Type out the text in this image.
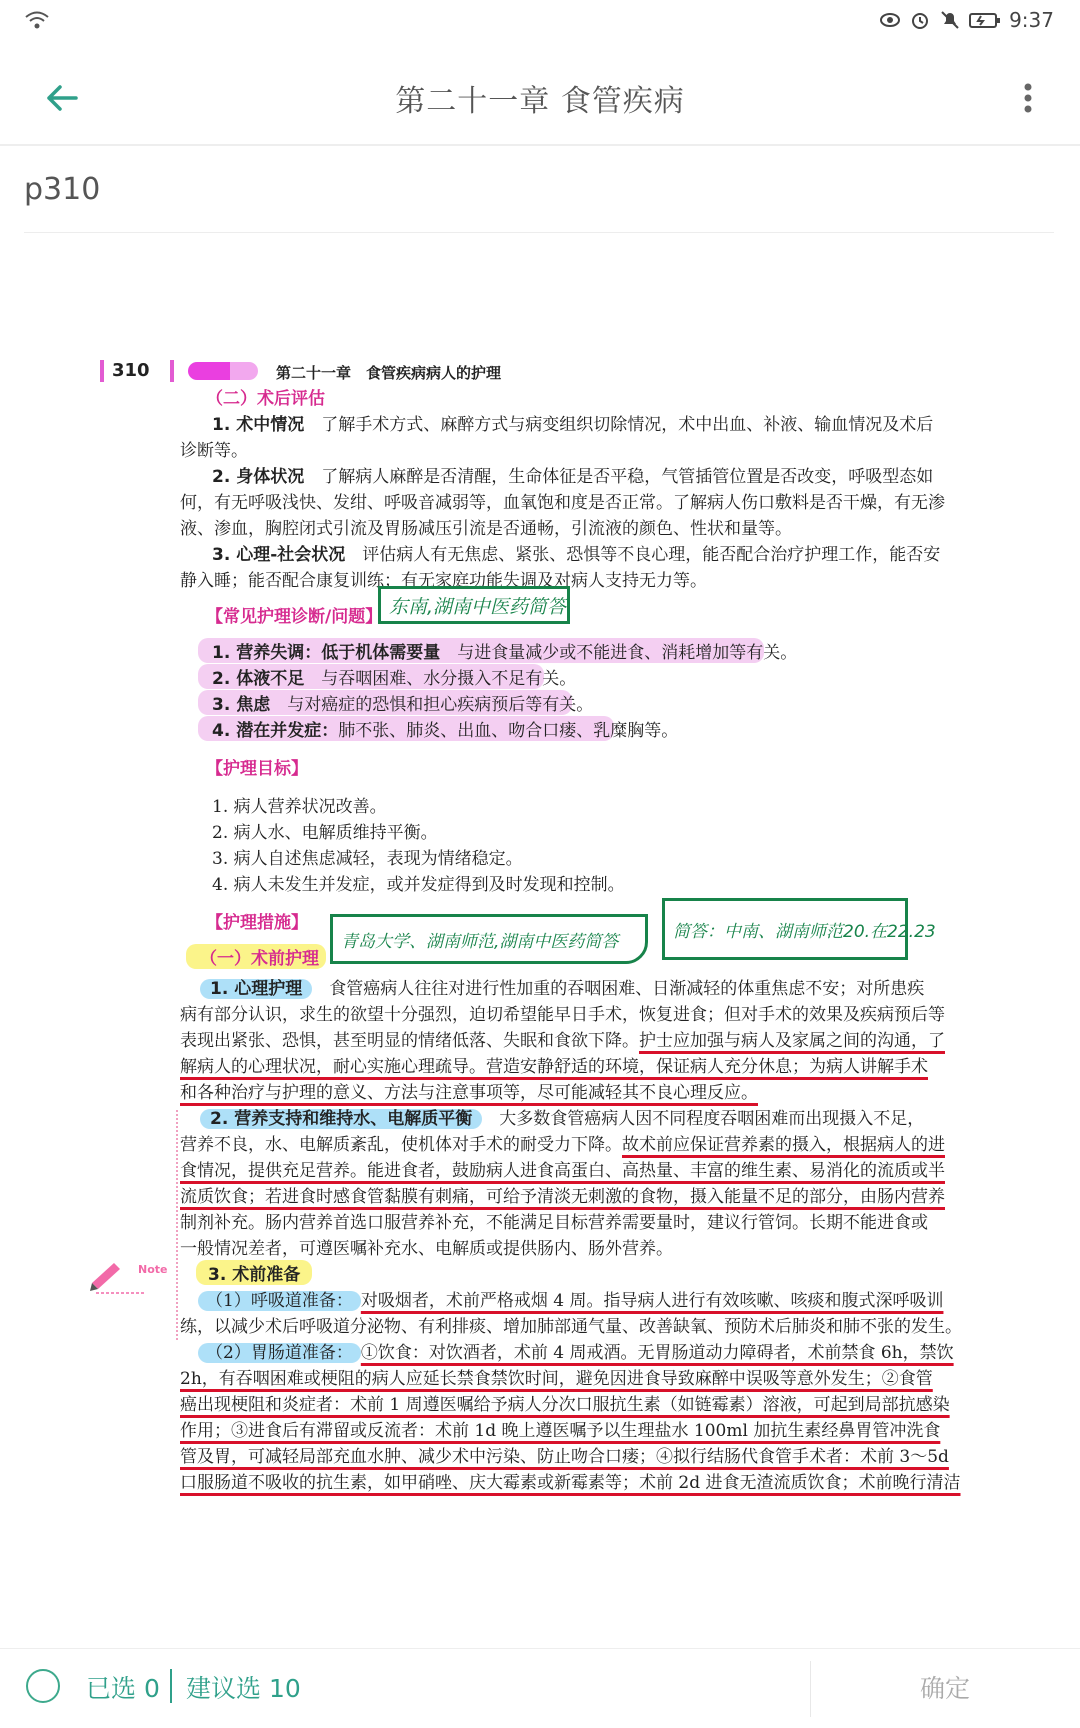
9:37
第二十一章 食管疾病
p310
310	第二十一章　食管疾病病人的护理
（二）术后评估
1. 术中情况　 了解手术方式、麻醉方式与病变组织切除情况，术中出血、补液、输血情况及术后
诊断等。
2. 身体状况　 了解病人麻醉是否清醒，生命体征是否平稳，气管插管位置是否改变，呼吸型态如
何，有无呼吸浅快、发绀、呼吸音减弱等，血氧饱和度是否正常。了解病人伤口敷料是否干燥，有无渗
液、渗血，胸腔闭式引流及胃肠减压引流是否通畅，引流液的颜色、性状和量等。
3. 心理-社会状况　 评估病人有无焦虑、紧张、恐惧等不良心理，能否配合治疗护理工作，能否安
静入睡；能否配合康复训练；有无家庭功能失调及对病人支持无力等。
【常见护理诊断/问题】 东南,湖南中医药简答
1. 营养失调：低于机体需要量　 与进食量减少或不能进食、消耗增加等有关。
2. 体液不足　 与吞咽困难、水分摄入不足有关。
3. 焦虑　 与对癌症的恐惧和担心疾病预后等有关。
4. 潜在并发症：肺不张、肺炎、出血、吻合口瘘、乳糜胸等。
【护理目标】
1. 病人营养状况改善。
2. 病人水、电解质维持平衡。
3. 病人自述焦虑减轻，表现为情绪稳定。
4. 病人未发生并发症，或并发症得到及时发现和控制。
【护理措施】	简答：中南、湖南师范20.在22.23
（一）术前护理
青岛大学、湖南师范,湖南中医药简答
1. 心理护理　 食管癌病人往往对进行性加重的吞咽困难、日渐减轻的体重焦虑不安；对所患疾
病有部分认识，求生的欲望十分强烈，迫切希望能早日手术，恢复进食；但对手术的效果及疾病预后等
表现出紧张、恐惧，甚至明显的情绪低落、失眠和食欲下降。护士应加强与病人及家属之间的沟通，了
解病人的心理状况，耐心实施心理疏导。营造安静舒适的环境，保证病人充分休息；为病人讲解手术
和各种治疗与护理的意义、方法与注意事项等，尽可能减轻其不良心理反应。
2. 营养支持和维持水、电解质平衡　 大多数食管癌病人因不同程度吞咽困难而出现摄入不足，
营养不良，水、电解质紊乱，使机体对手术的耐受力下降。故术前应保证营养素的摄入，根据病人的进
食情况，提供充足营养。能进食者，鼓励病人进食高蛋白、高热量、丰富的维生素、易消化的流质或半
流质饮食；若进食时感食管黏膜有刺痛，可给予清淡无刺激的食物，摄入能量不足的部分，由肠内营养
制剂补充。肠内营养首选口服营养补充，不能满足目标营养需要量时，建议行管饲。长期不能进食或
一般情况差者，可遵医嘱补充水、电解质或提供肠内、肠外营养。
3. 术前准备
（1）呼吸道准备： 对吸烟者，术前严格戒烟 4 周。指导病人进行有效咳嗽、咳痰和腹式深呼吸训
练，以减少术后呼吸道分泌物、有利排痰、增加肺部通气量、改善缺氧、预防术后肺炎和肺不张的发生。
（2）胃肠道准备： ①饮食：对饮酒者，术前 4 周戒酒。无胃肠道动力障碍者，术前禁食 6h，禁饮
2h，有吞咽困难或梗阻的病人应延长禁食禁饮时间，避免因进食导致麻醉中误吸等意外发生；②食管
癌出现梗阻和炎症者：术前 1 周遵医嘱给予病人分次口服抗生素（如链霉素）溶液，可起到局部抗感染
作用；③进食后有滞留或反流者：术前 1d 晚上遵医嘱予以生理盐水 100ml 加抗生素经鼻胃管冲洗食
管及胃，可减轻局部充血水肿、减少术中污染、防止吻合口瘘；④拟行结肠代食管手术者：术前 3～5d
口服肠道不吸收的抗生素，如甲硝唑、庆大霉素或新霉素等；术前 2d 进食无渣流质饮食；术前晚行清洁
Note
已选 0 建议选 10	确定
